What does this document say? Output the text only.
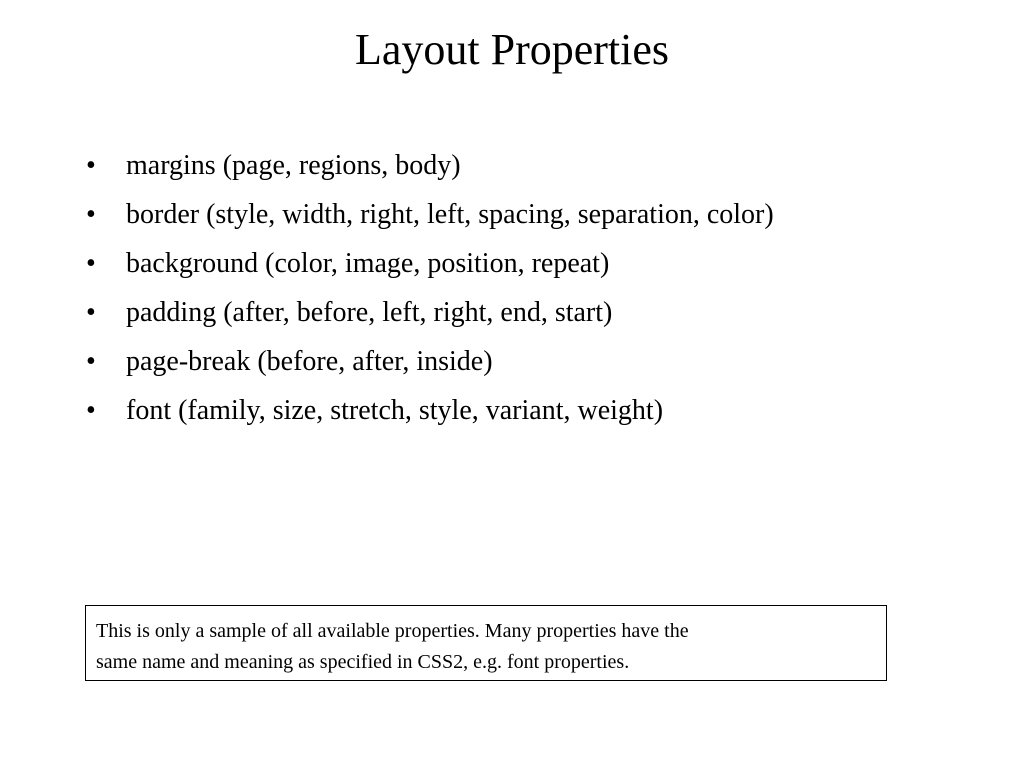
Layout Properties
•	margins (page, regions, body)
•	border (style, width, right, left, spacing, separation, color)
•	background (color, image, position, repeat)
•	padding (after, before, left, right, end, start)
•	page-break (before, after, inside)
•	font (family, size, stretch, style, variant, weight)
This is only a sample of all available properties. Many properties have the
same name and meaning as specified in CSS2, e.g. font properties.
